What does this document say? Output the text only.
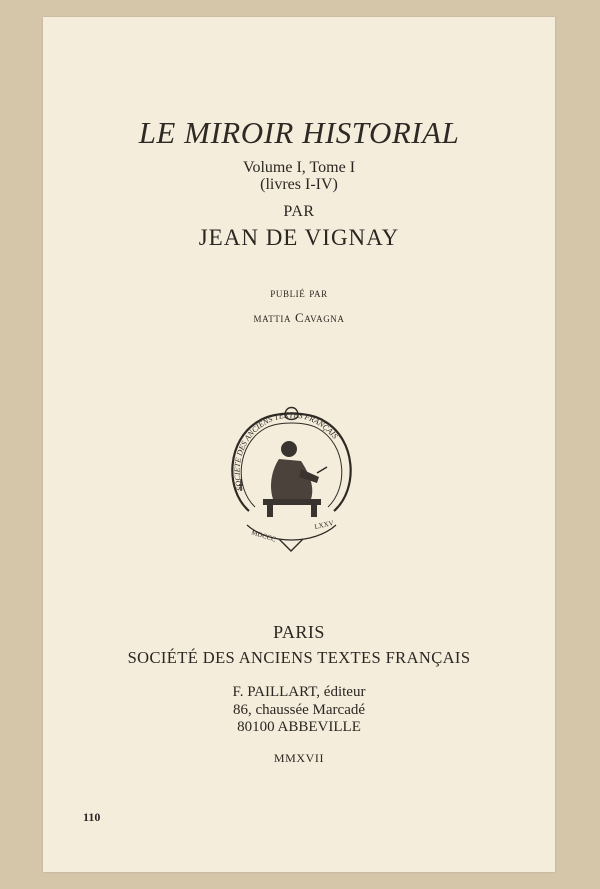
LE MIROIR HISTORIAL
Volume I, Tome I
(livres I-IV)
PAR
JEAN DE VIGNAY
publié par
mattia Cavagna
MDCCC
LXXV
SOCIETE DES ANCIENS TEXTES FRANÇAIS
PARIS
SOCIÉTÉ DES ANCIENS TEXTES FRANÇAIS
F. PAILLART, éditeur
86, chaussée Marcadé
80100 ABBEVILLE
MMXVII
110
